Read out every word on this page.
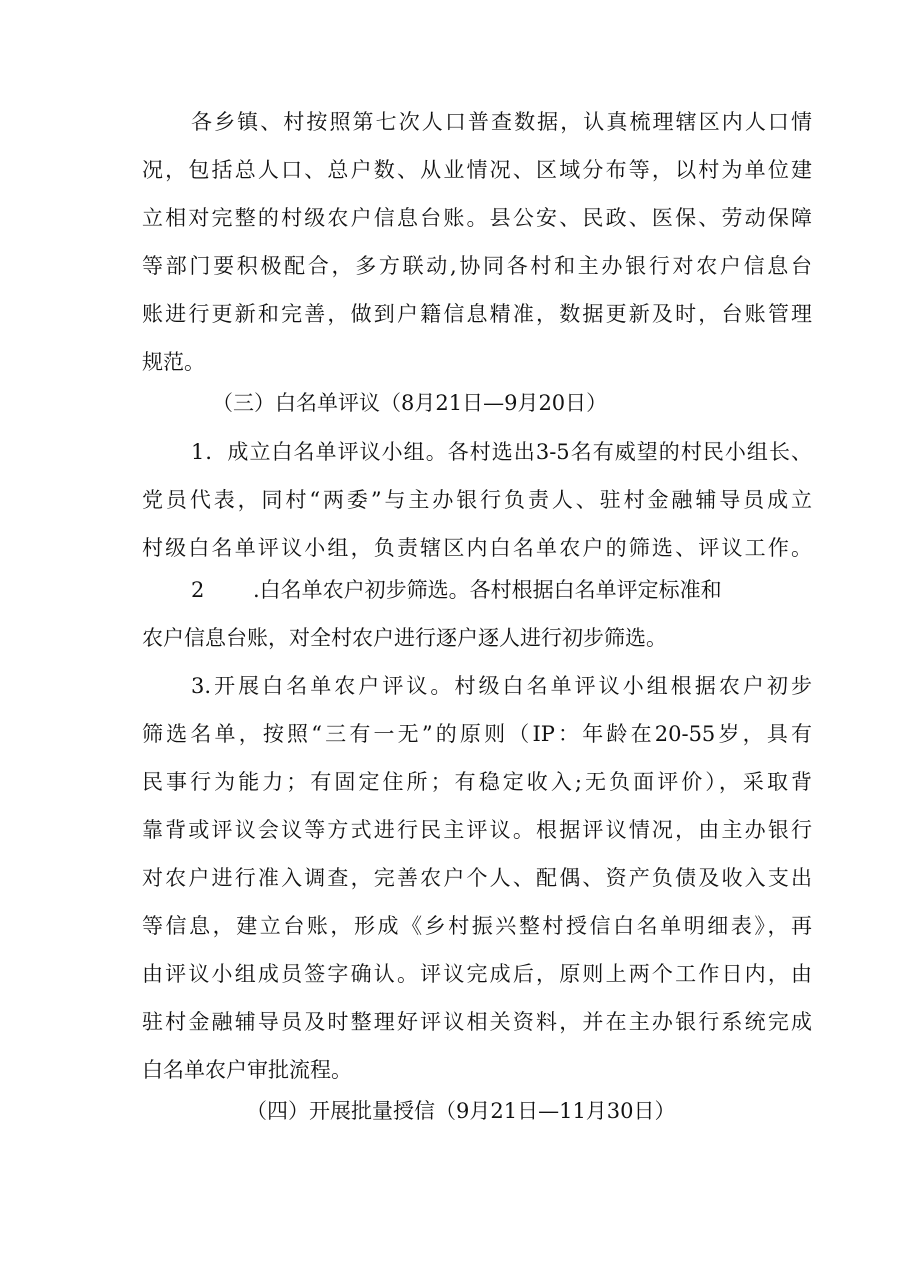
各乡镇、村按照第七次人口普查数据，认真梳理辖区内人口情
况，包括总人口、总户数、从业情况、区域分布等，以村为单位建
立相对完整的村级农户信息台账。县公安、民政、医保、劳动保障
等部门要积极配合，多方联动,协同各村和主办银行对农户信息台
账进行更新和完善，做到户籍信息精准，数据更新及时，台账管理
规范。
（三）白名单评议（8月21日—9月20日）
1．成立白名单评议小组。各村选出3-5名有威望的村民小组长、
党员代表，同村“两委”与主办银行负责人、驻村金融辅导员成立
村级白名单评议小组，负责辖区内白名单农户的筛选、评议工作。
2	.白名单农户初步筛选。各村根据白名单评定标准和
农户信息台账，对全村农户进行逐户逐人进行初步筛选。
3.开展白名单农户评议。村级白名单评议小组根据农户初步
筛选名单，按照“三有一无”的原则（IP：年龄在20-55岁，具有
民事行为能力；有固定住所；有稳定收入;无负面评价），采取背
靠背或评议会议等方式进行民主评议。根据评议情况，由主办银行
对农户进行准入调查，完善农户个人、配偶、资产负债及收入支出
等信息，建立台账，形成《乡村振兴整村授信白名单明细表》，再
由评议小组成员签字确认。评议完成后，原则上两个工作日内，由
驻村金融辅导员及时整理好评议相关资料，并在主办银行系统完成
白名单农户审批流程。
（四）开展批量授信（9月21日—11月30日）
